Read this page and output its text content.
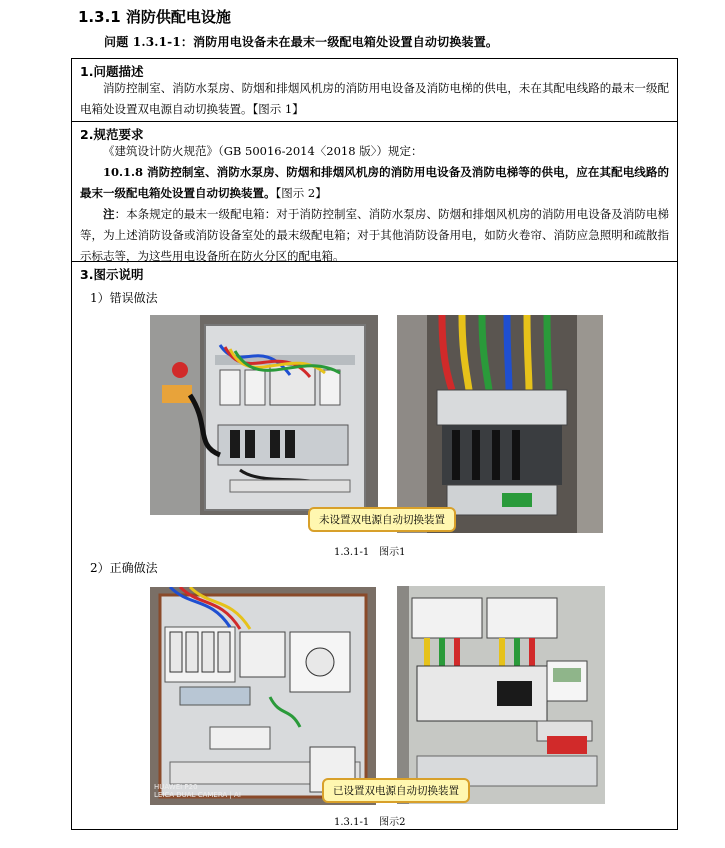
1.3.1 消防供配电设施
问题 1.3.1-1：消防用电设备未在最末一级配电箱处设置自动切换装置。
1.问题描述
消防控制室、消防水泵房、防烟和排烟风机房的消防用电设备及消防电梯的供电，未在其配电线路的最末一级配电箱处设置双电源自动切换装置。【图示 1】
2.规范要求
《建筑设计防火规范》（GB 50016-2014〈2018 版〉）规定：
10.1.8 消防控制室、消防水泵房、防烟和排烟风机房的消防用电设备及消防电梯等的供电，应在其配电线路的最末一级配电箱处设置自动切换装置。【图示 2】
注：本条规定的最末一级配电箱：对于消防控制室、消防水泵房、防烟和排烟风机房的消防用电设备及消防电梯等，为上述消防设备或消防设备室处的最末级配电箱；对于其他消防设备用电，如防火卷帘、消防应急照明和疏散指示标志等，为这些用电设备所在防火分区的配电箱。
3.图示说明
1）错误做法
未设置双电源自动切换装置
1.3.1-1　图示1
2）正确做法
HUAWEI P20
LEICA DUAL CAMERA | AI	已设置双电源自动切换装置
1.3.1-1　图示2
